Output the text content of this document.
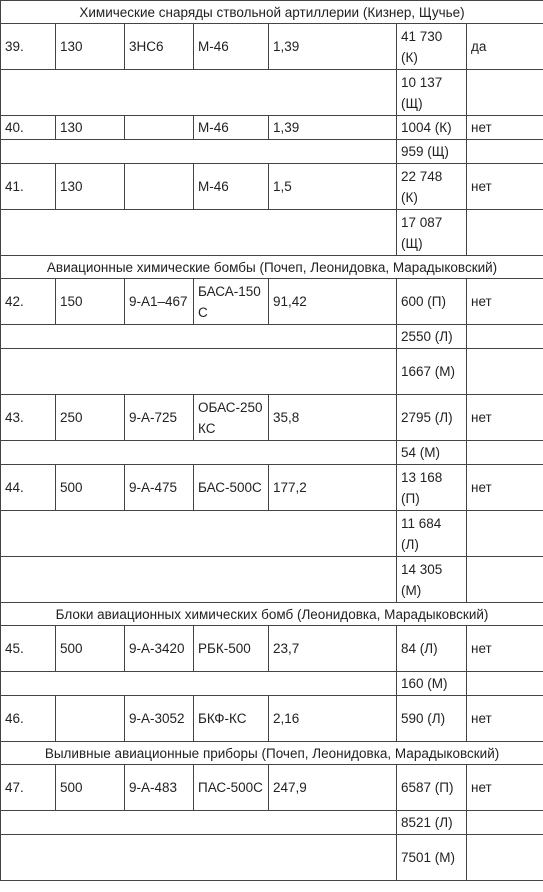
Химические снаряды ствольной артиллерии (Кизнер, Щучье)						
39.	130	3НС6	М-46	1,39	41 730 (К)	да
					10 137 (Щ)	
40.	130		М-46	1,39	1004 (К)	нет
					959 (Щ)	
41.	130		М-46	1,5	22 748 (К)	нет
					17 087 (Щ)	
Авиационные химические бомбы (Почеп, Леонидовка, Марадыковский)						
42.	150	9-А1–467	БАСА-150С	91,42	600 (П)	нет
					2550 (Л)	
					1667 (М)	
43.	250	9-А-725	ОБАС-250КС	35,8	2795 (Л)	нет
					54 (М)	
44.	500	9-А-475	БАС-500С	177,2	13 168 (П)	нет
					11 684 (Л)	
					14 305 (М)	
Блоки авиационных химических бомб (Леонидовка, Марадыковский)						
45.	500	9-А-3420	РБК-500	23,7	84 (Л)	нет
					160 (М)	
46.		9-А-3052	БКФ-КС	2,16	590 (Л)	нет
Выливные авиационные приборы (Почеп, Леонидовка, Марадыковский)						
47.	500	9-А-483	ПАС-500С	247,9	6587 (П)	нет
					8521 (Л)	
					7501 (М)	
